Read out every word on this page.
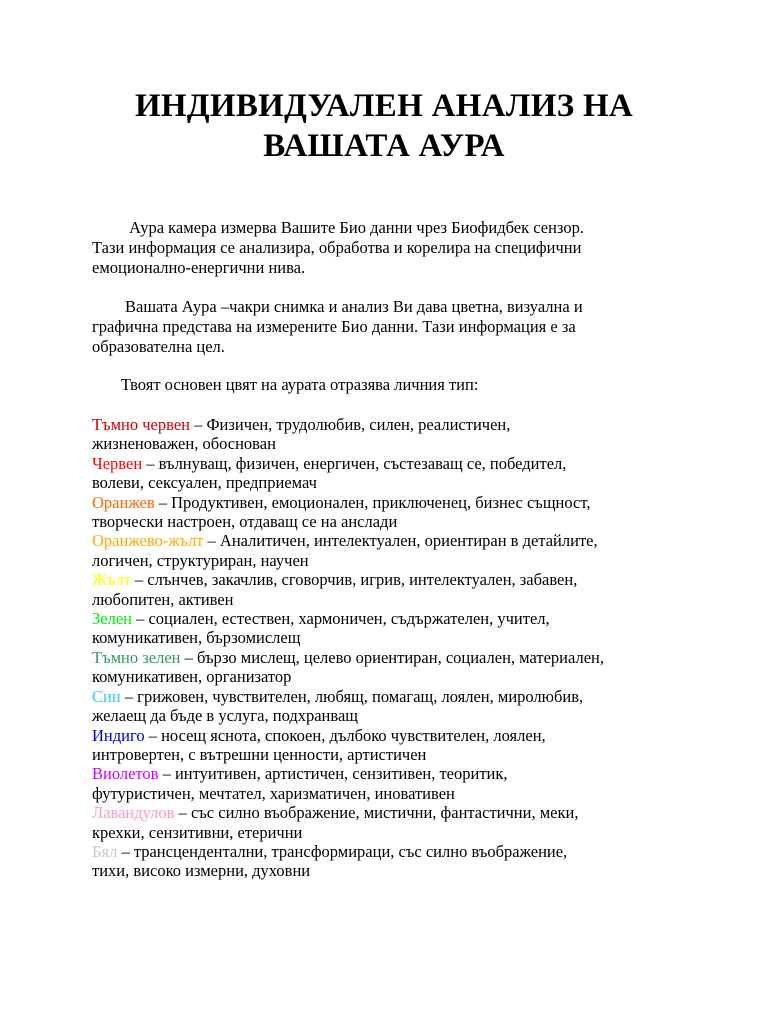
ИНДИВИДУАЛЕН АНАЛИЗ НА
ВАШАТА АУРА

Аура камера измерва Вашите Био данни чрез Биофидбек сензор.
Тази информация се анализира, обработва и корелира на специфични
емоционално-енергични нива.

Вашата Аура –чакри снимка и анализ Ви дава цветна, визуална и
графична представа на измерените Био данни. Тази информация е за
образователна цел.

Твоят основен цвят на аурата отразява личния тип:

Тъмно червен – Физичен, трудолюбив, силен, реалистичен,
жизненоважен, обоснован
Червен – вълнуващ, физичен, енергичен, състезаващ се, победител,
волеви, сексуален, предприемач
Оранжев – Продуктивен, емоционален, приключенец, бизнес същност,
творчески настроен, отдаващ се на анслади
Оранжево-жълт – Аналитичен, интелектуален, ориентиран в детайлите,
логичен, структуриран, научен
Жълт – слънчев, закачлив, сговорчив, игрив, интелектуален, забавен,
любопитен, активен
Зелен – социален, естествен, хармоничен, съдържателен, учител,
комуникативен, бързомислещ
Тъмно зелен – бързо мислещ, целево ориентиран, социален, материален,
комуникативен, организатор
Син – грижовен, чувствителен, любящ, помагащ, лоялен, миролюбив,
желаещ да бъде в услуга, подхранващ
Индиго – носещ яснота, спокоен, дълбоко чувствителен, лоялен,
интровертен, с вътрешни ценности, артистичен
Виолетов – интуитивен, артистичен, сензитивен, теоритик,
футуристичен, мечтател, харизматичен, иновативен
Лавандулов – със силно въображение, мистични, фантастични, меки,
крехки, сензитивни, етерични
Бял – трансцендентални, трансформираци, със силно въображение,
тихи, високо измерни, духовни
